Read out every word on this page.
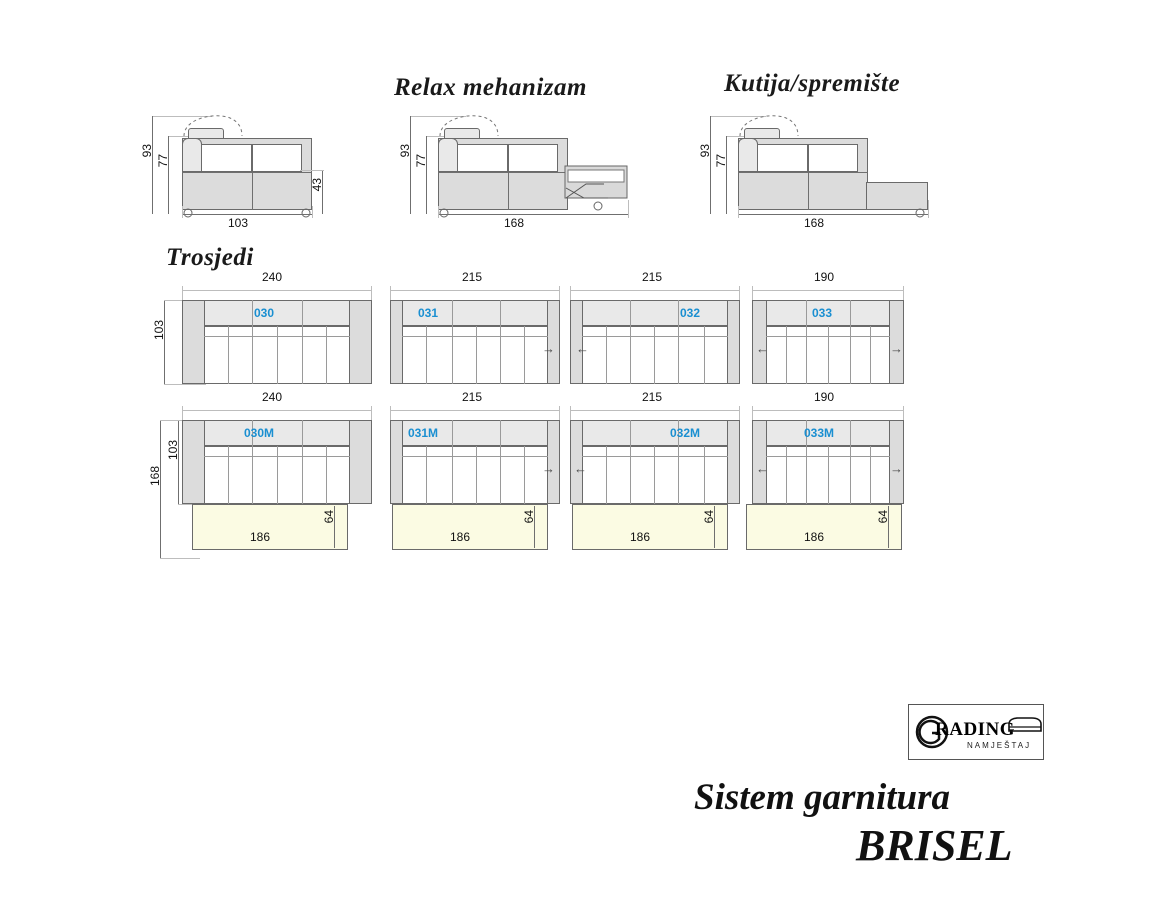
Relax mehanizam	Kutija/spremište
Trosjedi
93
77
43
103
93
77
168
93
77
168
103
240
030
215
031
→
215
032
←
190
033
←	→
103
168
240
186
64
030M
215
186
64
031M
→
215
186
64
032M
←
190
186
64
033M
←	→
RADING
NAMJEŠTAJ
Sistem garnitura
BRISEL
